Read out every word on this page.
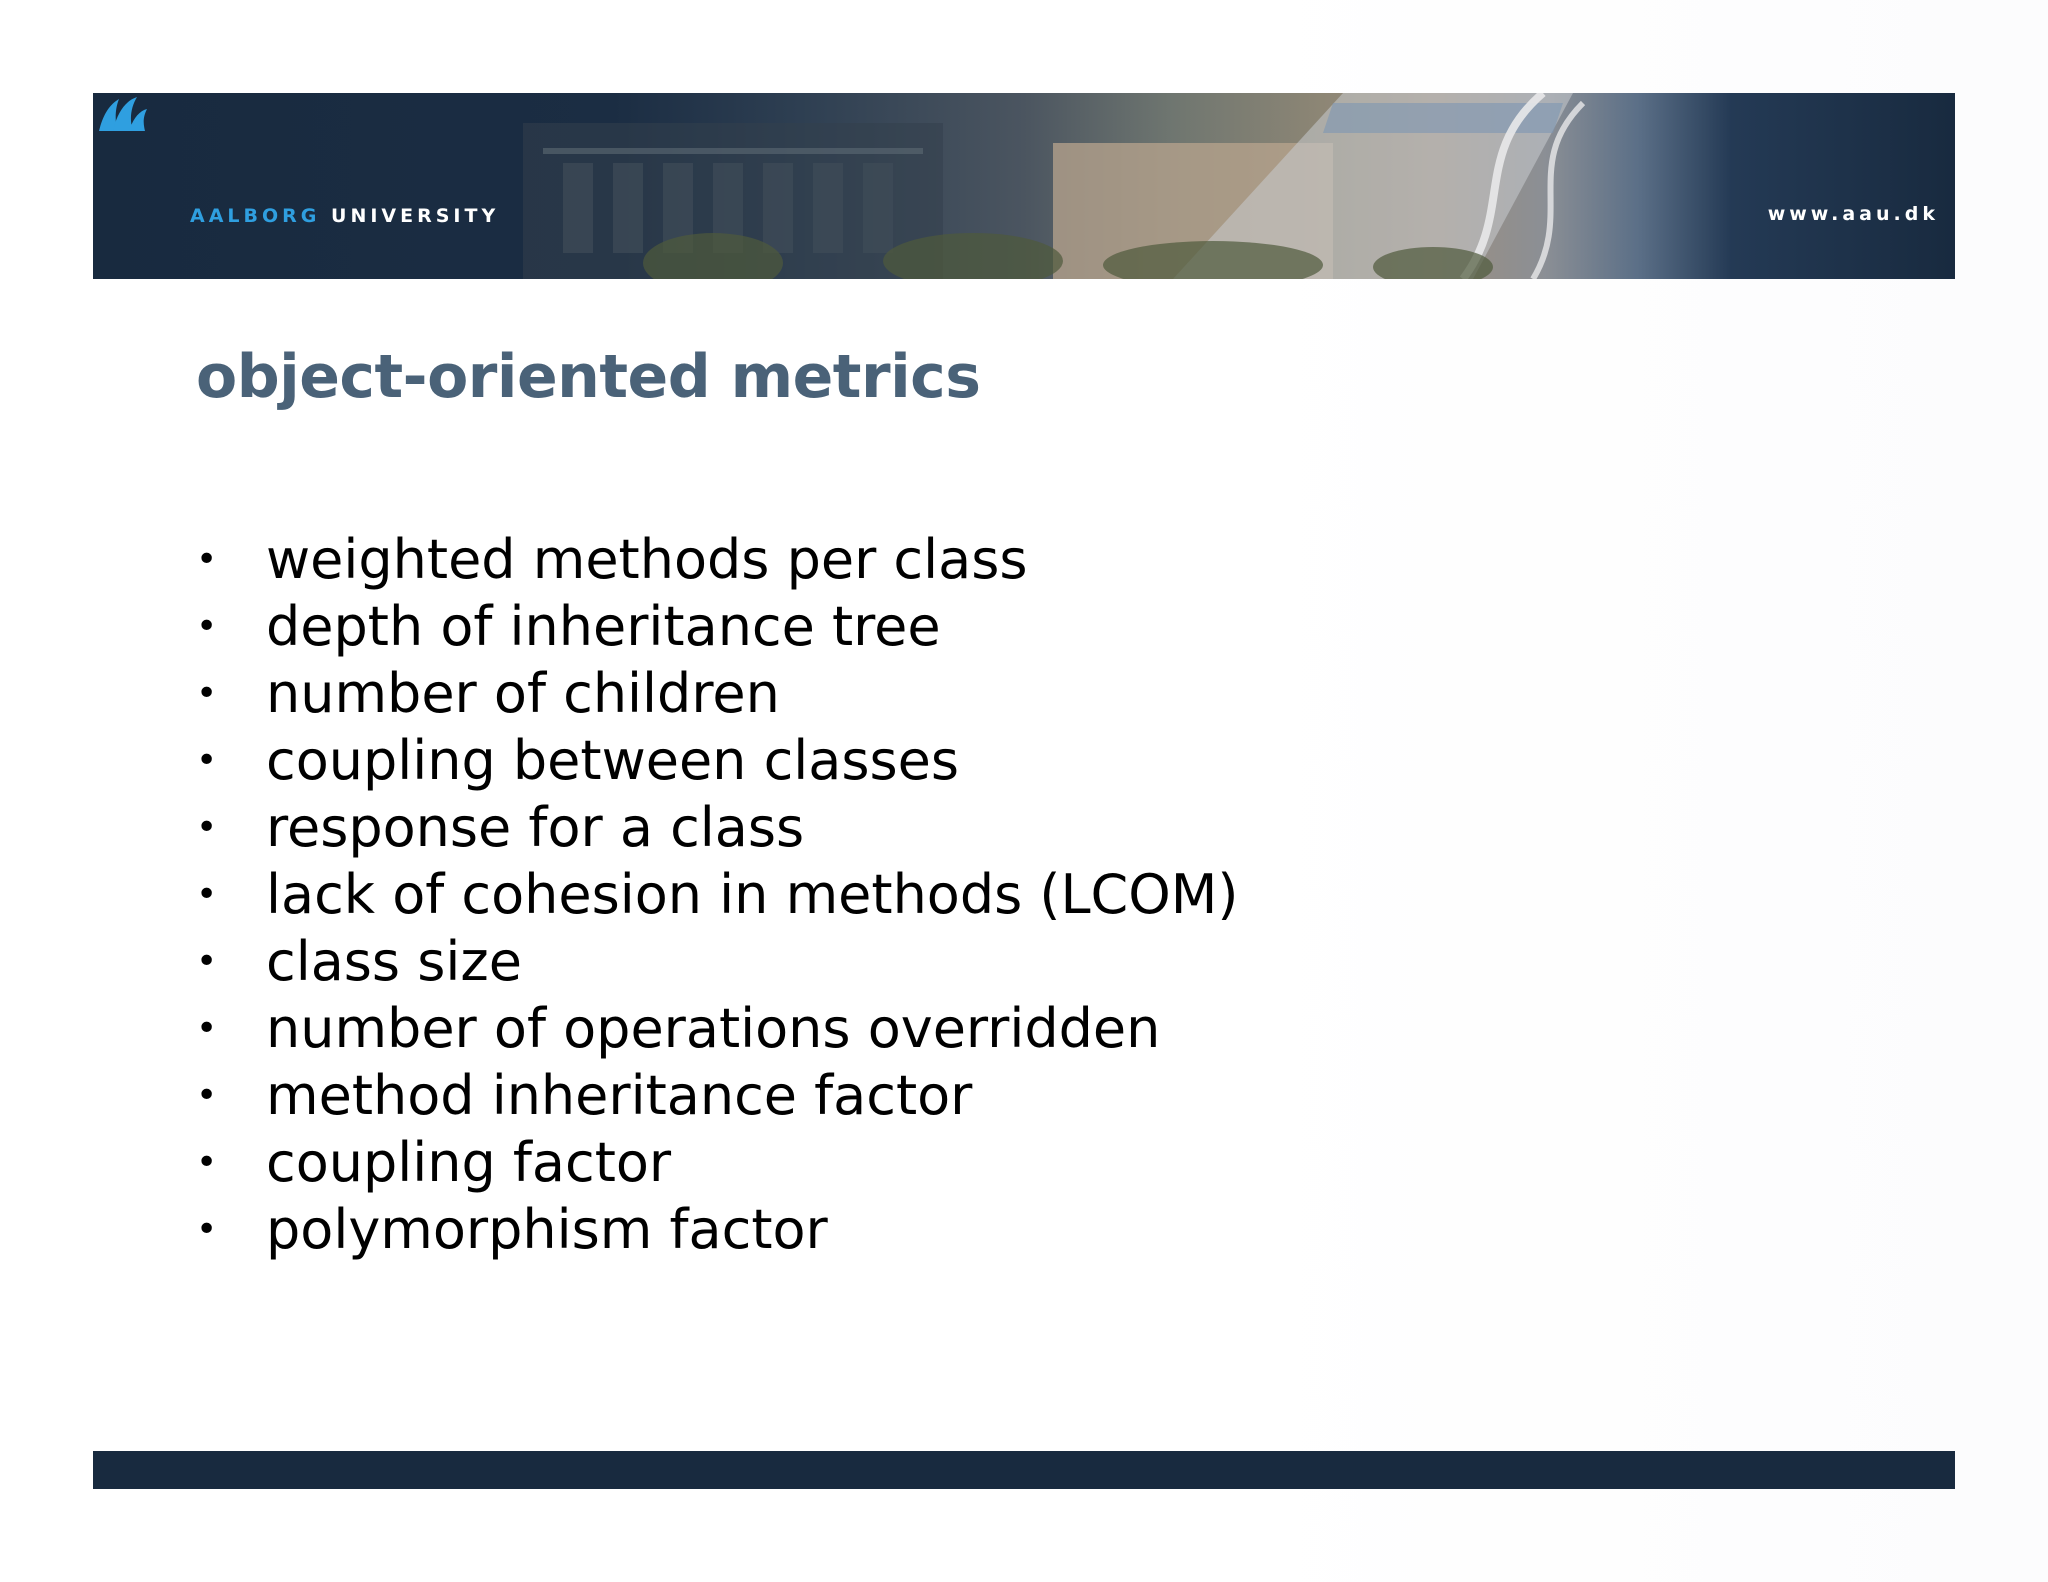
AALBORG UNIVERSITY	www.aau.dk
object-oriented metrics
• weighted methods per class
• depth of inheritance tree
• number of children
• coupling between classes
• response for a class
• lack of cohesion in methods (LCOM)
• class size
• number of operations overridden
• method inheritance factor
• coupling factor
• polymorphism factor
